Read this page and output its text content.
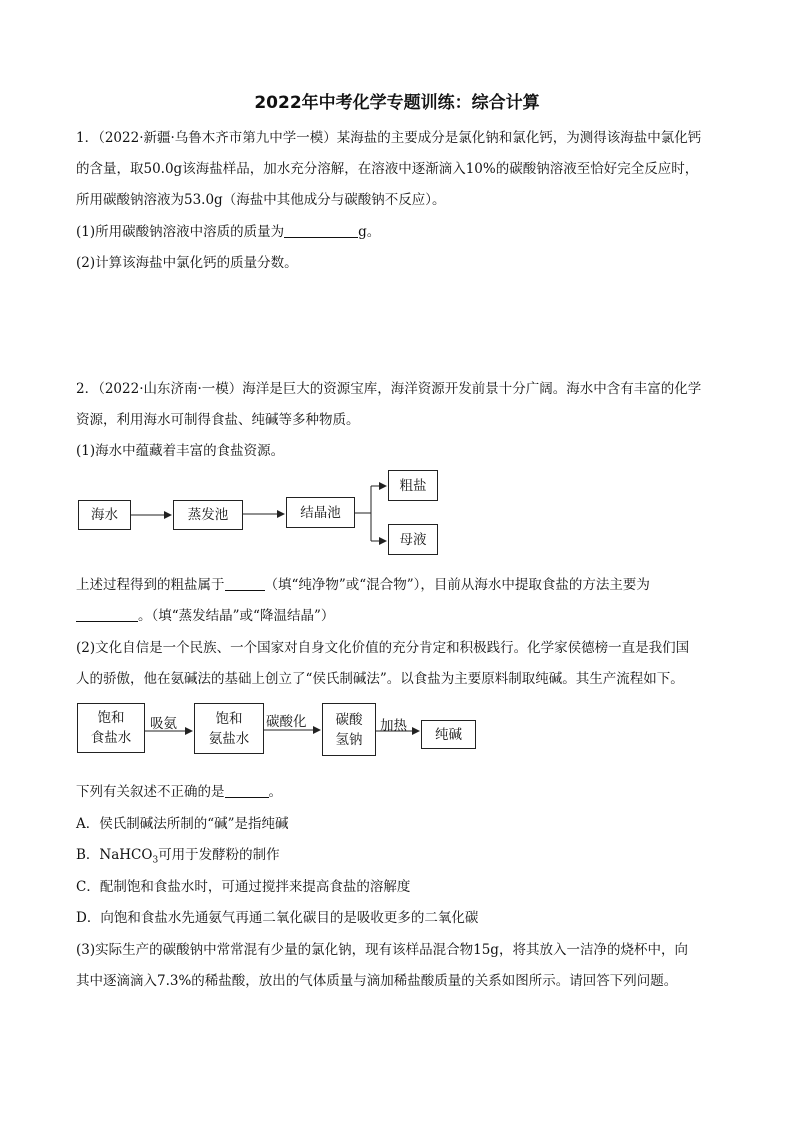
2022年中考化学专题训练：综合计算
1．（2022·新疆·乌鲁木齐市第九中学一模）某海盐的主要成分是氯化钠和氯化钙，为测得该海盐中氯化钙
的含量，取50.0g该海盐样品，加水充分溶解，在溶液中逐渐滴入10%的碳酸钠溶液至恰好完全反应时，
所用碳酸钠溶液为53.0g（海盐中其他成分与碳酸钠不反应）。
(1)所用碳酸钠溶液中溶质的质量为	g。
(2)计算该海盐中氯化钙的质量分数。
2．（2022·山东济南·一模）海洋是巨大的资源宝库，海洋资源开发前景十分广阔。海水中含有丰富的化学
资源，利用海水可制得食盐、纯碱等多种物质。
(1)海水中蕴藏着丰富的食盐资源。
海水	蒸发池	结晶池
粗盐
母液
上述过程得到的粗盐属于	（填“纯净物”或“混合物”），目前从海水中提取食盐的方法主要为
。（填“蒸发结晶”或“降温结晶”）
(2)文化自信是一个民族、一个国家对自身文化价值的充分肯定和积极践行。化学家侯德榜一直是我们国
人的骄傲，他在氨碱法的基础上创立了“侯氏制碱法”。以食盐为主要原料制取纯碱。其生产流程如下。
饱和
食盐水
吸氨	饱和
氨盐水
碳酸化 碳酸
氢钠
加热
纯碱
下列有关叙述不正确的是	。
A．侯氏制碱法所制的“碱”是指纯碱
B．NaHCO$_3$可用于发酵粉的制作
C．配制饱和食盐水时，可通过搅拌来提高食盐的溶解度
D．向饱和食盐水先通氨气再通二氧化碳目的是吸收更多的二氧化碳
(3)实际生产的碳酸钠中常常混有少量的氯化钠，现有该样品混合物15g，将其放入一洁净的烧杯中，向
其中逐滴滴入7.3%的稀盐酸，放出的气体质量与滴加稀盐酸质量的关系如图所示。请回答下列问题。
